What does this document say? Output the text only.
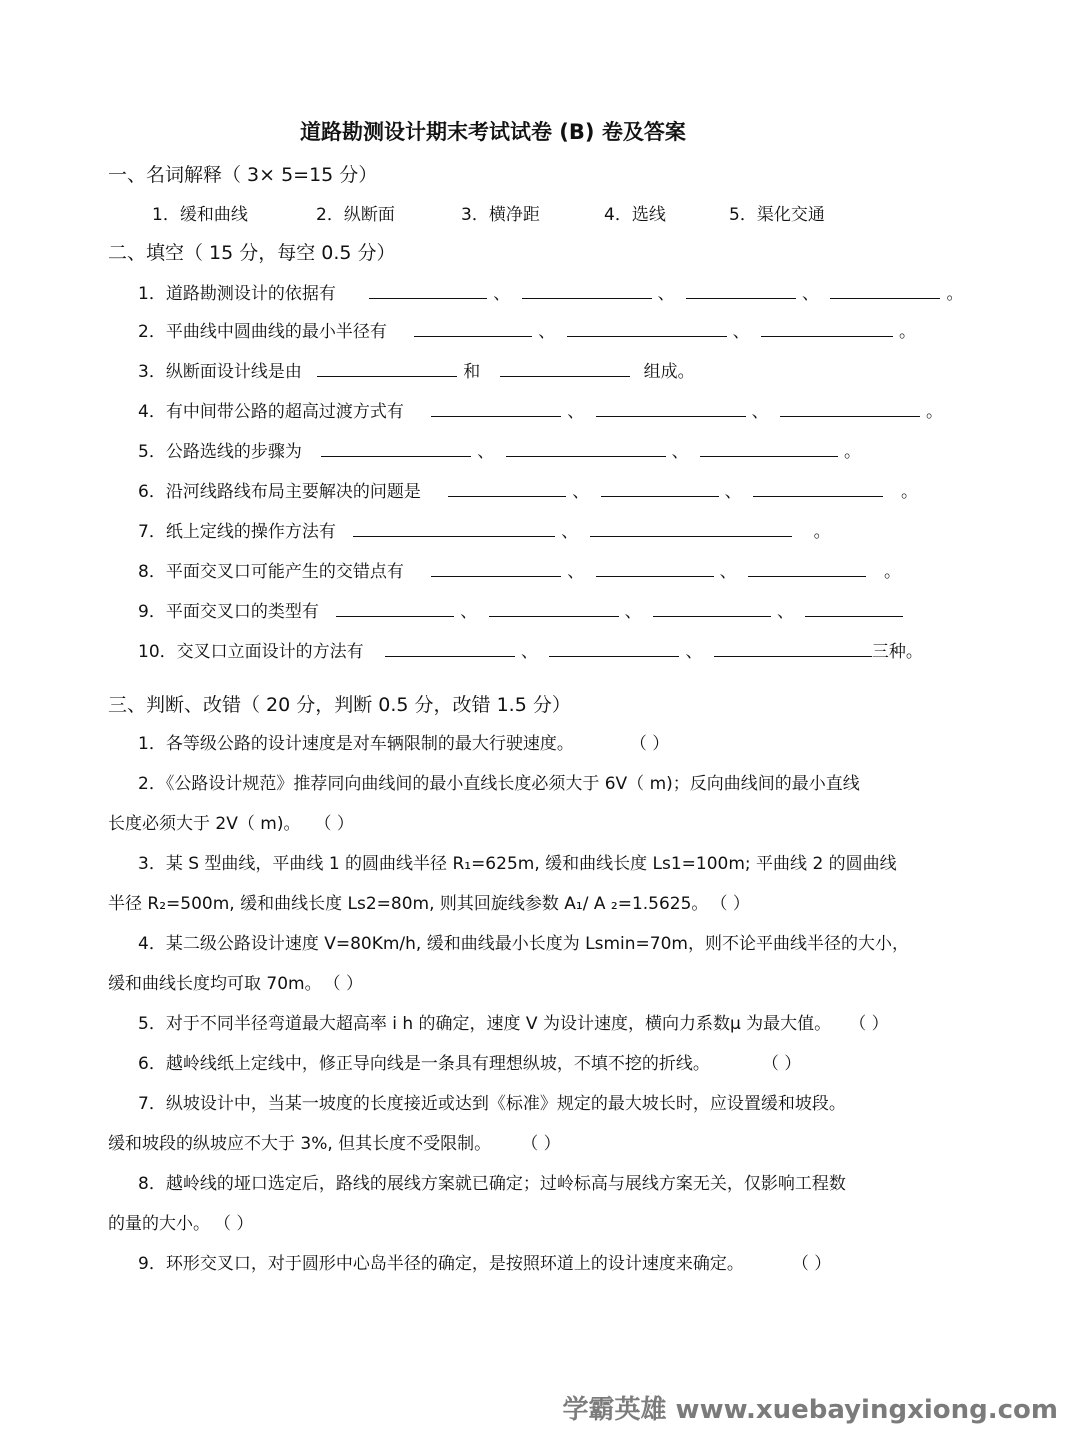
道路勘测设计期末考试试卷 (B) 卷及答案
一、名词解释（ 3× 5=15 分）
1．缓和曲线	2．纵断面	3．横净距	4．选线	5．渠化交通
二、填空（ 15 分，每空 0.5 分）
1．道路勘测设计的依据有	、	、	、	。
2．平曲线中圆曲线的最小半径有	、	、	。
3．纵断面设计线是由	和	组成。
4．有中间带公路的超高过渡方式有	、	、	。
5．公路选线的步骤为	、	、	。
6．沿河线路线布局主要解决的问题是	、	、	。
7．纸上定线的操作方法有	、	。
8．平面交叉口可能产生的交错点有	、	、	。
9．平面交叉口的类型有	、	、	、
10．交叉口立面设计的方法有	、	、	三种。
三、判断、改错（ 20 分，判断 0.5 分，改错 1.5 分）
1．各等级公路的设计速度是对车辆限制的最大行驶速度。	（ ）
2．《公路设计规范》推荐同向曲线间的最小直线长度必须大于 6V（ m)；反向曲线间的最小直线
长度必须大于 2V（ m)。 （ ）
3．某 S 型曲线，平曲线 1 的圆曲线半径 R₁=625m, 缓和曲线长度 Ls1=100m; 平曲线 2 的圆曲线
半径 R₂=500m, 缓和曲线长度 Ls2=80m, 则其回旋线参数 A₁/ A ₂=1.5625。 （ ）
4．某二级公路设计速度 V=80Km/h, 缓和曲线最小长度为 Lsmin=70m，则不论平曲线半径的大小，
缓和曲线长度均可取 70m。 （ ）
5．对于不同半径弯道最大超高率 i h 的确定，速度 V 为设计速度，横向力系数μ 为最大值。 （ ）
6．越岭线纸上定线中，修正导向线是一条具有理想纵坡，不填不挖的折线。	（ ）
7．纵坡设计中，当某一坡度的长度接近或达到《标准》规定的最大坡长时，应设置缓和坡段。
缓和坡段的纵坡应不大于 3%, 但其长度不受限制。 （ ）
8．越岭线的垭口选定后，路线的展线方案就已确定；过岭标高与展线方案无关，仅影响工程数
的量的大小。 （ ）
9．环形交叉口，对于圆形中心岛半径的确定，是按照环道上的设计速度来确定。	（ ）
学霸英雄 www.xuebayingxiong.com
